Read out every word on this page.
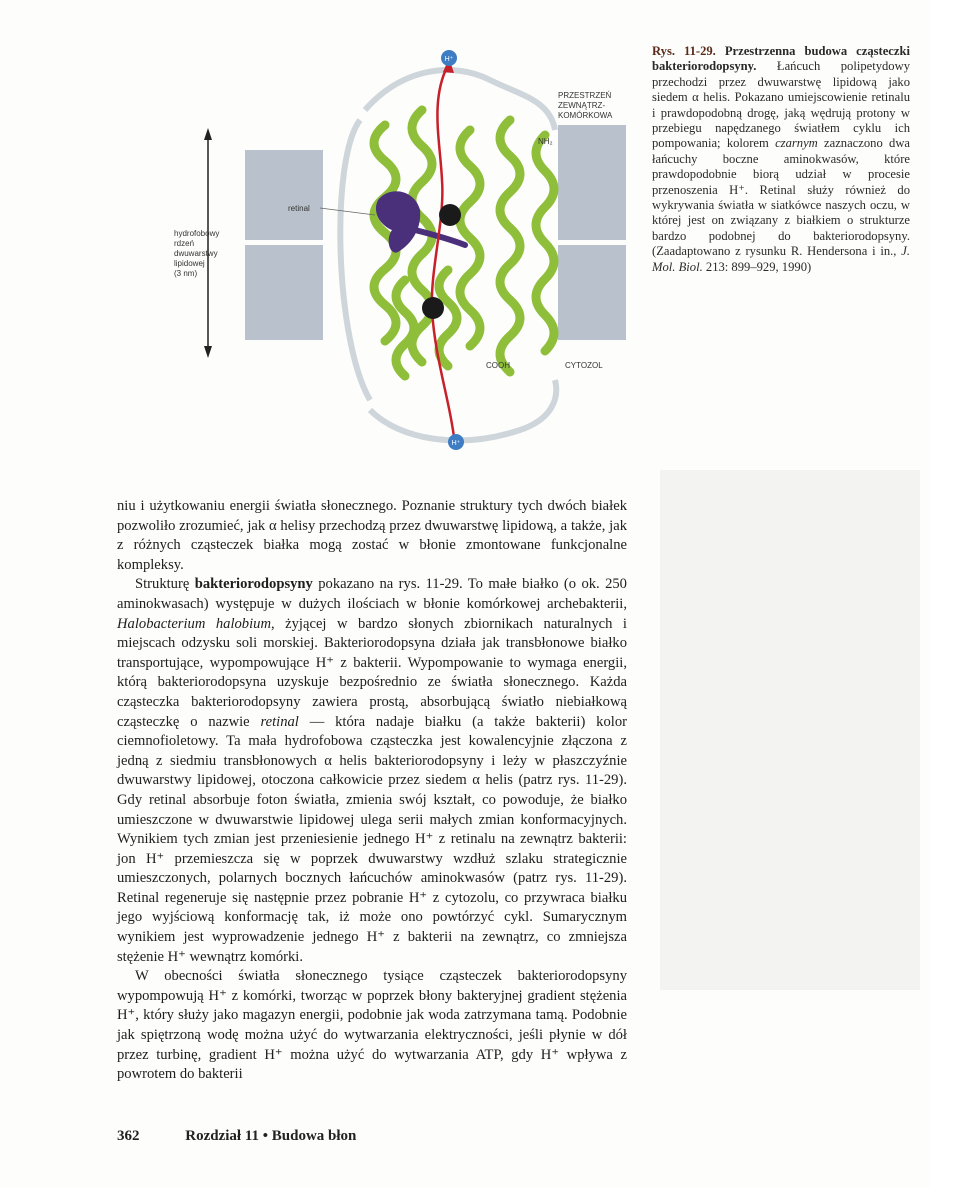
H⁺
H⁺
NH₂
COOH
retinal
PRZESTRZEŃ
ZEWNĄTRZ-
KOMÓRKOWA
CYTOZOL
hydrofobowy
rdzeń
dwuwarstwy
lipidowej
(3 nm)
Rys. 11-29. Przestrzenna budowa cząsteczki bakteriorodopsyny. Łańcuch polipetydowy przechodzi przez dwuwarstwę lipidową jako siedem α helis. Pokazano umiejscowienie retinalu i prawdopodobną drogę, jaką wędrują protony w przebiegu napędzanego światłem cyklu ich pompowania; kolorem czarnym zaznaczono dwa łańcuchy boczne aminokwasów, które prawdopodobnie biorą udział w procesie przenoszenia H⁺. Retinal służy również do wykrywania światła w siatkówce naszych oczu, w której jest on związany z białkiem o strukturze bardzo podobnej do bakteriorodopsyny. (Zaadaptowano z rysunku R. Hendersona i in., J. Mol. Biol. 213: 899–929, 1990)

niu i użytkowaniu energii światła słonecznego. Poznanie struktury tych dwóch białek pozwoliło zrozumieć, jak α helisy przechodzą przez dwuwarstwę lipidową, a także, jak z różnych cząsteczek białka mogą zostać w błonie zmontowane funkcjonalne kompleksy.

Strukturę bakteriorodopsyny pokazano na rys. 11-29. To małe białko (o ok. 250 aminokwasach) występuje w dużych ilościach w błonie komórkowej archebakterii, Halobacterium halobium, żyjącej w bardzo słonych zbiornikach naturalnych i miejscach odzysku soli morskiej. Bakteriorodopsyna działa jak transbłonowe białko transportujące, wypompowujące H⁺ z bakterii. Wypompowanie to wymaga energii, którą bakteriorodopsyna uzyskuje bezpośrednio ze światła słonecznego. Każda cząsteczka bakteriorodopsyny zawiera prostą, absorbującą światło niebiałkową cząsteczkę o nazwie retinal — która nadaje białku (a także bakterii) kolor ciemnofioletowy. Ta mała hydrofobowa cząsteczka jest kowalencyjnie złączona z jedną z siedmiu transbłonowych α helis bakteriorodopsyny i leży w płaszczyźnie dwuwarstwy lipidowej, otoczona całkowicie przez siedem α helis (patrz rys. 11-29). Gdy retinal absorbuje foton światła, zmienia swój kształt, co powoduje, że białko umieszczone w dwuwarstwie lipidowej ulega serii małych zmian konformacyjnych. Wynikiem tych zmian jest przeniesienie jednego H⁺ z retinalu na zewnątrz bakterii: jon H⁺ przemieszcza się w poprzek dwuwarstwy wzdłuż szlaku strategicznie umieszczonych, polarnych bocznych łańcuchów aminokwasów (patrz rys. 11-29). Retinal regeneruje się następnie przez pobranie H⁺ z cytozolu, co przywraca białku jego wyjściową konformację tak, iż może ono powtórzyć cykl. Sumarycznym wynikiem jest wyprowadzenie jednego H⁺ z bakterii na zewnątrz, co zmniejsza stężenie H⁺ wewnątrz komórki.

W obecności światła słonecznego tysiące cząsteczek bakteriorodopsyny wypompowują H⁺ z komórki, tworząc w poprzek błony bakteryjnej gradient stężenia H⁺, który służy jako magazyn energii, podobnie jak woda zatrzymana tamą. Podobnie jak spiętrzoną wodę można użyć do wytwarzania elektryczności, jeśli płynie w dół przez turbinę, gradient H⁺ można użyć do wytwarzania ATP, gdy H⁺ wpływa z powrotem do bakterii

362	Rozdział 11 • Budowa błon
